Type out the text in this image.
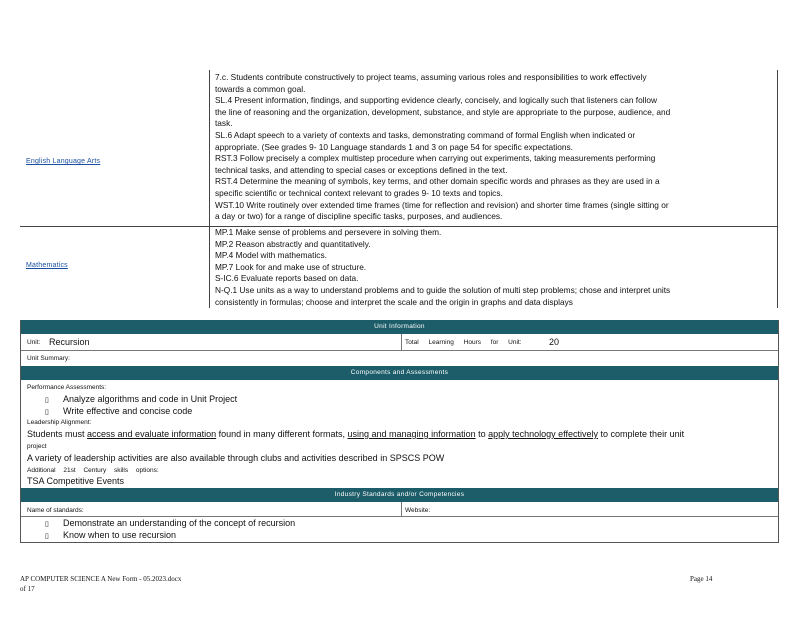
English Language Arts

7.c. Students contribute constructively to project teams, assuming various roles and responsibilities to work effectively

towards a common goal.

SL.4 Present information, findings, and supporting evidence clearly, concisely, and logically such that listeners can follow

the line of reasoning and the organization, development, substance, and style are appropriate to the purpose, audience, and

task.

SL.6 Adapt speech to a variety of contexts and tasks, demonstrating command of formal English when indicated or

appropriate. (See grades 9- 10 Language standards 1 and 3 on page 54 for specific expectations.

RST.3 Follow precisely a complex multistep procedure when carrying out experiments, taking measurements performing

technical tasks, and attending to special cases or exceptions defined in the text.

RST.4 Determine the meaning of symbols, key terms, and other domain specific words and phrases as they are used in a

specific scientific or technical context relevant to grades 9- 10 texts and topics.

WST.10 Write routinely over extended time frames (time for reflection and revision) and shorter time frames (single sitting or

a day or two) for a range of discipline specific tasks, purposes, and audiences.

Mathematics

MP.1 Make sense of problems and persevere in solving them.

MP.2 Reason abstractly and quantitatively.

MP.4 Model with mathematics.

MP.7 Look for and make use of structure.

S-IC.6 Evaluate reports based on data.

N-Q.1 Use units as a way to understand problems and to guide the solution of multi step problems; chose and interpret units

consistently in formulas; choose and interpret the scale and the origin in graphs and data displays

Unit Information
Unit: Recursion	Total Learning Hours for Unit:	20
Unit Summary:
Components and Assessments
Performance Assessments:
▯ Analyze algorithms and code in Unit Project
▯ Write effective and concise code
Leadership Alignment:
Students must access and evaluate information found in many different formats, using and managing information to apply technology effectively to complete their unit
project
A variety of leadership activities are also available through clubs and activities described in SPSCS POW
Additional 21st Century skills options:
TSA Competitive Events
Industry Standards and/or Competencies
Name of standards:	Website:
▯ Demonstrate an understanding of the concept of recursion
▯ Know when to use recursion
AP COMPUTER SCIENCE A New Form - 05.2023.docx
of 17
Page 14
